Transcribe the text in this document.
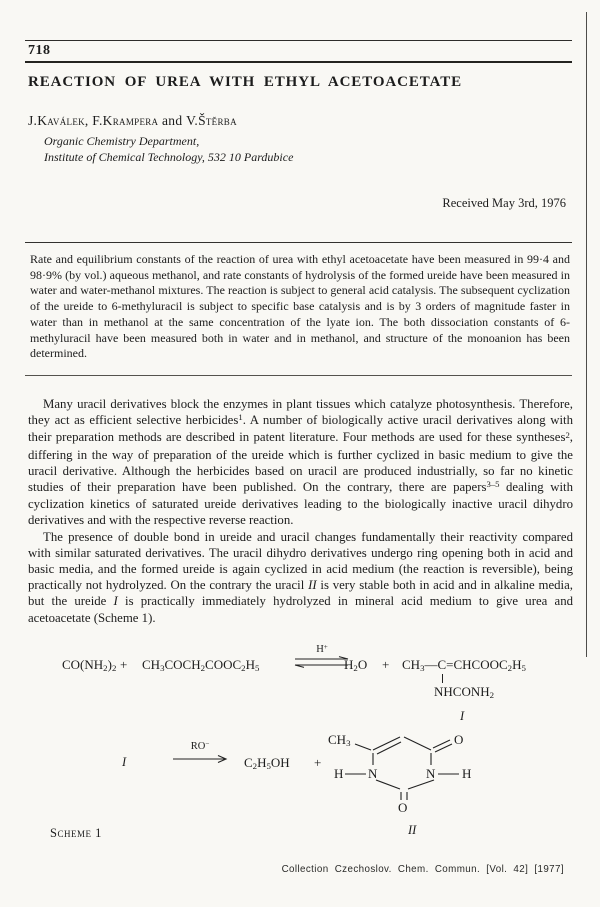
718
REACTION OF UREA WITH ETHYL ACETOACETATE
J.Kaválek, F.Krampera and V.Štěrba
Organic Chemistry Department,
Institute of Chemical Technology, 532 10 Pardubice
Received May 3rd, 1976
Rate and equilibrium constants of the reaction of urea with ethyl acetoacetate have been measured in 99·4 and 98·9% (by vol.) aqueous methanol, and rate constants of hydrolysis of the formed ureide have been measured in water and water-methanol mixtures. The reaction is subject to general acid catalysis. The subsequent cyclization of the ureide to 6-methyluracil is subject to specific base catalysis and is by 3 orders of magnitude faster in water than in methanol at the same concentration of the lyate ion. The both dissociation constants of 6-methyluracil have been measured both in water and in methanol, and structure of the monoanion has been determined.

Many uracil derivatives block the enzymes in plant tissues which catalyze photosynthesis. Therefore, they act as efficient selective herbicides$^1$. A number of biologically active uracil derivatives along with their preparation methods are described in patent literature. Four methods are used for these syntheses$^2$, differing in the way of preparation of the ureide which is further cyclized in basic medium to give the uracil derivative. Although the herbicides based on uracil are produced industrially, so far no kinetic studies of their preparation have been published. On the contrary, there are papers$^{3-5}$ dealing with cyclization kinetics of saturated ureide derivatives leading to the biologically inactive uracil dihydro derivatives and with the respective reverse reaction.

The presence of double bond in ureide and uracil changes fundamentally their reactivity compared with similar saturated derivatives. The uracil dihydro derivatives undergo ring opening both in acid and basic media, and the formed ureide is again cyclized in acid medium (the reaction is reversible), being practically not hydrolyzed. On the contrary the uracil II is very stable both in acid and in alkaline media, but the ureide I is practically immediately hydrolyzed in mineral acid medium to give urea and acetoacetate (Scheme 1).

CO(NH2)2 + CH3COCH2COOC2H5
H+
H2O + CH3—C=CHCOOC2H5
NHCONH2
I
I
RO−
C2H5OH +
CH3
H N	N H
O
O
II
Scheme 1
Collection Czechoslov. Chem. Commun. [Vol. 42] [1977]
